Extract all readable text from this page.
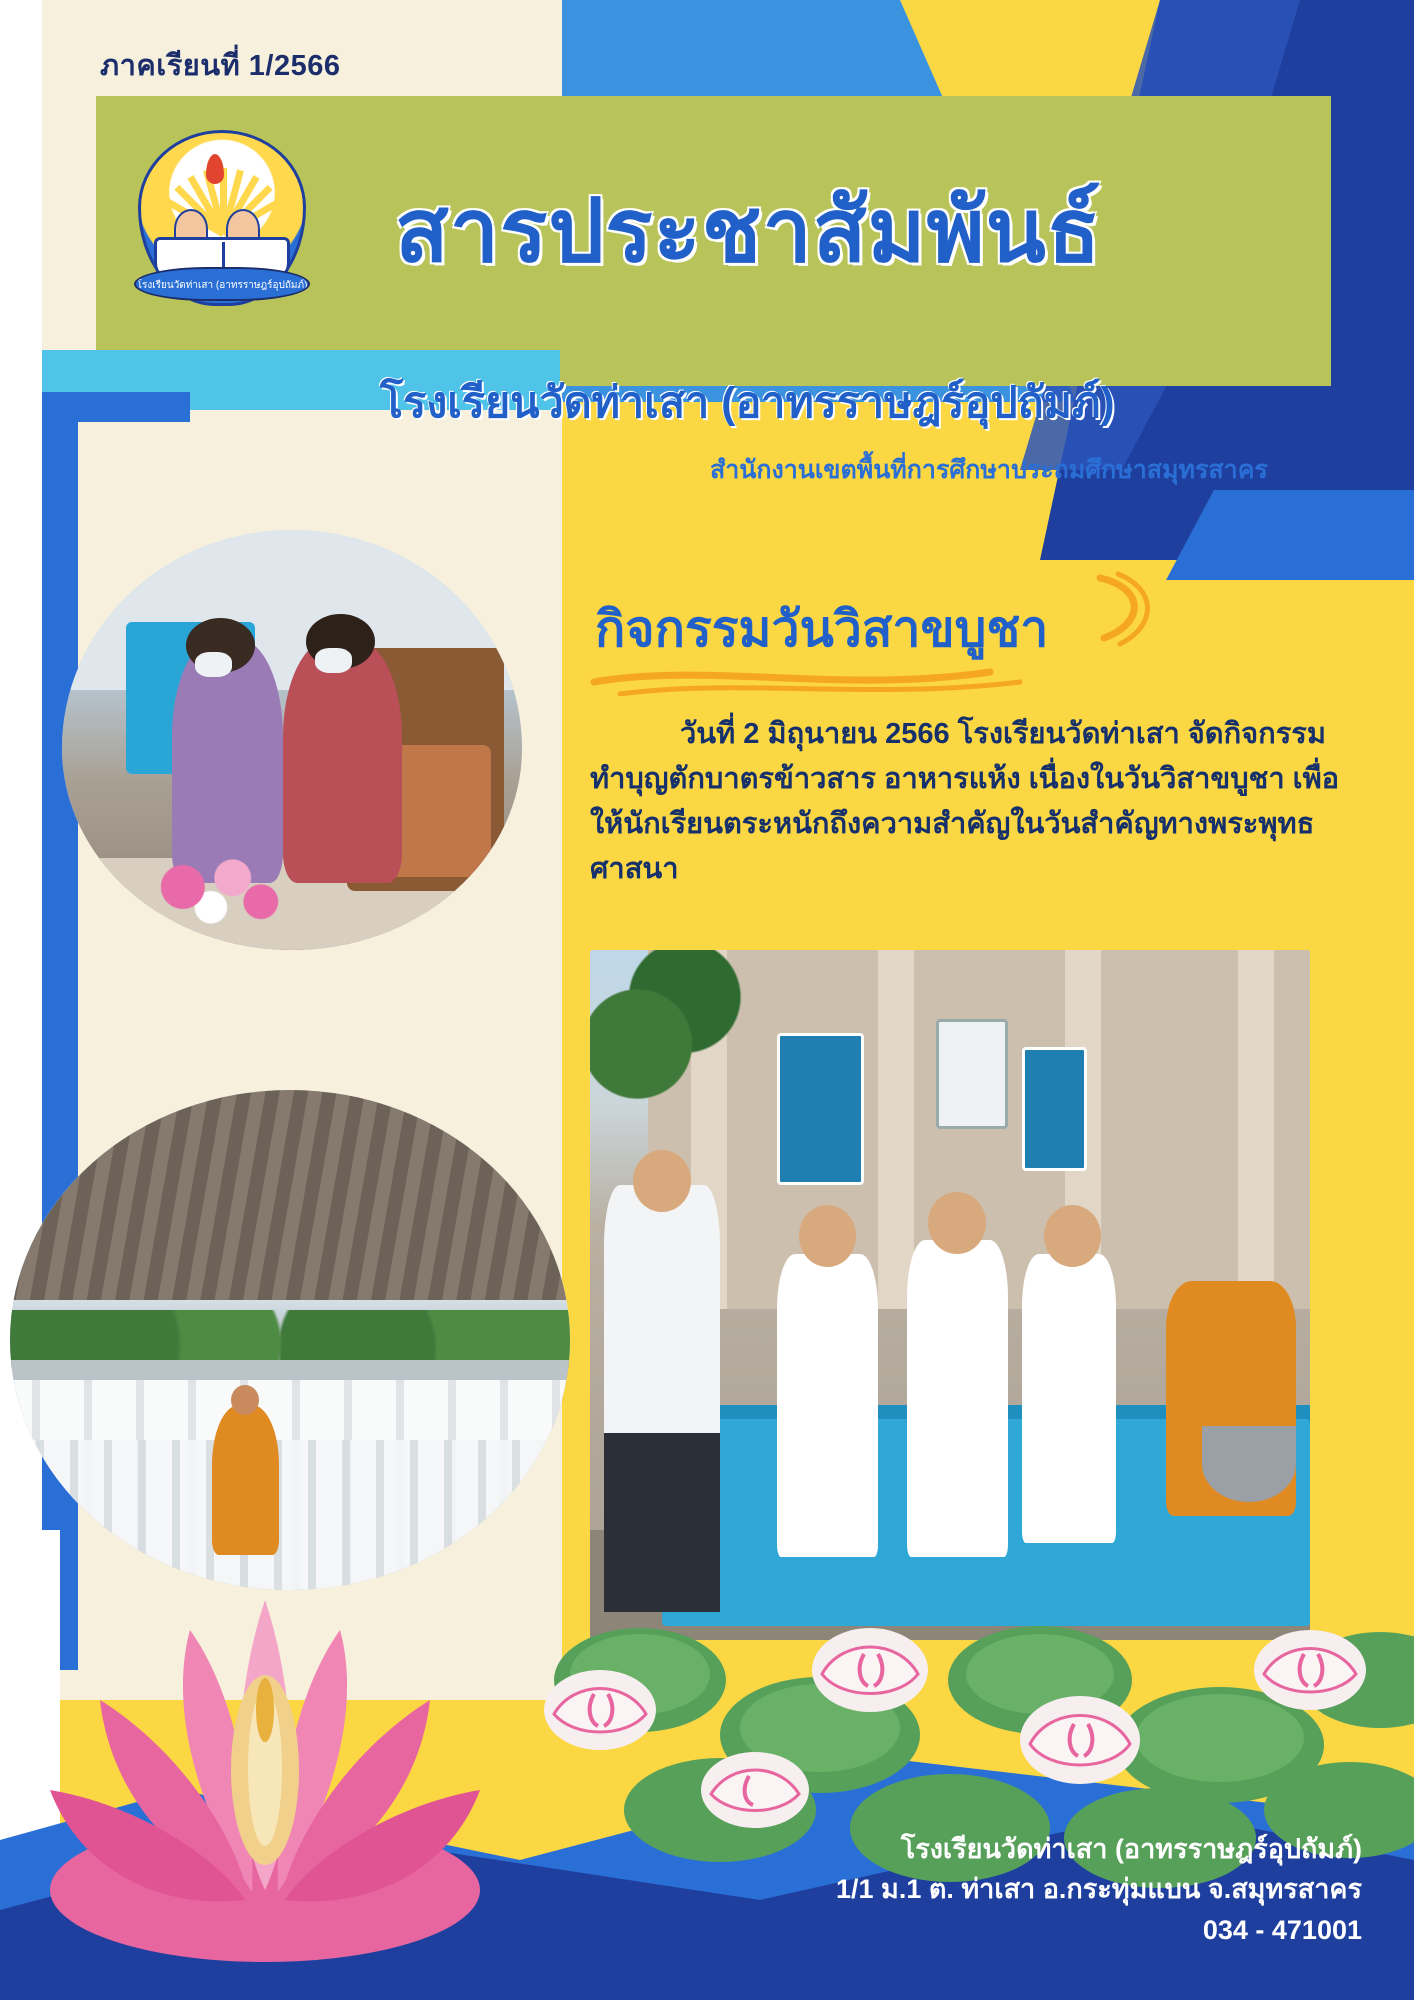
ภาคเรียนที่ 1/2566
โรงเรียนวัดท่าเสา (อาทรราษฎร์อุปถัมภ์)
สารประชาสัมพันธ์
โรงเรียนวัดท่าเสา (อาทรราษฎร์อุปถัมภ์)
สำนักงานเขตพื้นที่การศึกษาประถมศึกษาสมุทรสาคร
กิจกรรมวันวิสาขบูชา
วันที่ 2 มิถุนายน 2566 โรงเรียนวัดท่าเสา จัดกิจกรรมทำบุญตักบาตรข้าวสาร อาหารแห้ง เนื่องในวันวิสาขบูชา เพื่อให้นักเรียนตระหนักถึงความสำคัญในวันสำคัญทางพระพุทธศาสนา
โรงเรียนวัดท่าเสา (อาทรราษฎร์อุปถัมภ์)
1/1 ม.1 ต. ท่าเสา อ.กระทุ่มแบน จ.สมุทรสาคร
034 - 471001
